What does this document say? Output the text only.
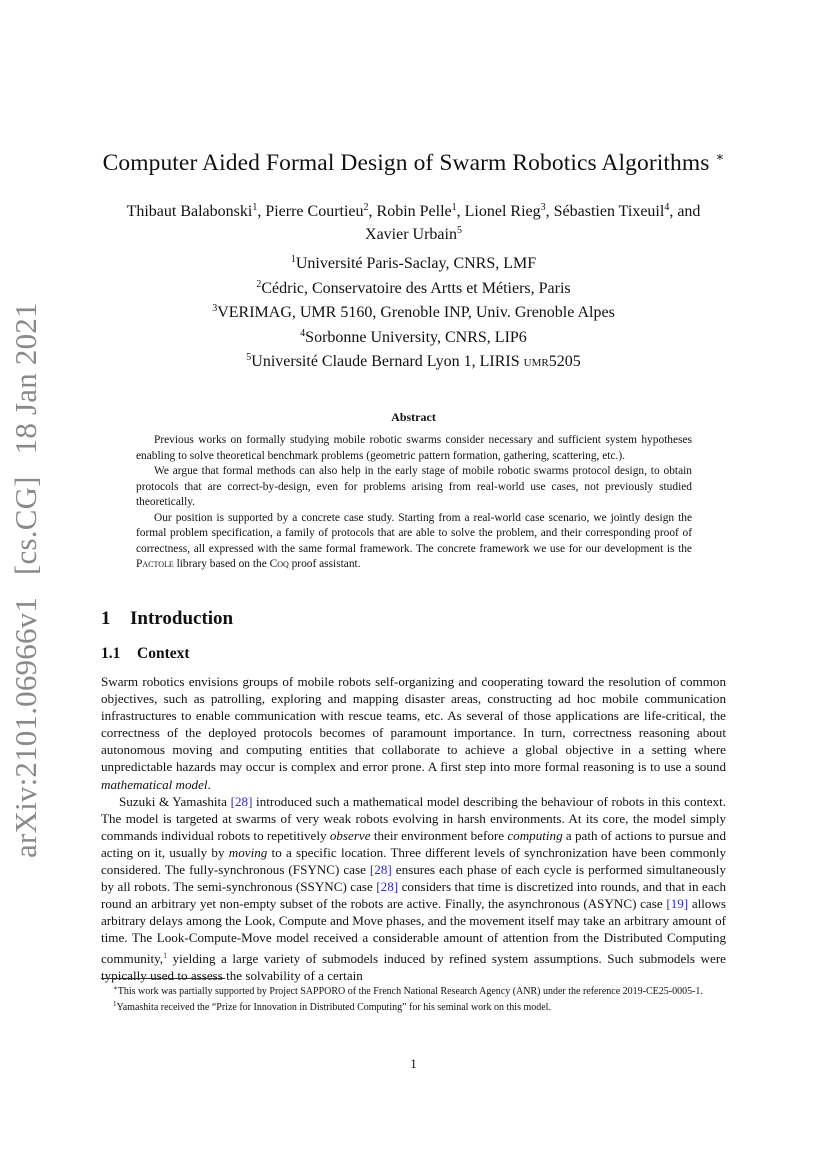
arXiv:2101.06966v1 [cs.CG] 18 Jan 2021
Computer Aided Formal Design of Swarm Robotics Algorithms ∗
Thibaut Balabonski$^1$, Pierre Courtieu$^2$, Robin Pelle$^1$, Lionel Rieg$^3$, Sébastien Tixeuil$^4$, and
Xavier Urbain$^5$
$^1$Université Paris-Saclay, CNRS, LMF
$^2$Cédric, Conservatoire des Artts et Métiers, Paris
$^3$VERIMAG, UMR 5160, Grenoble INP, Univ. Grenoble Alpes
$^4$Sorbonne University, CNRS, LIP6
$^5$Université Claude Bernard Lyon 1, LIRIS umr5205
Abstract

Previous works on formally studying mobile robotic swarms consider necessary and sufficient system hypotheses enabling to solve theoretical benchmark problems (geometric pattern formation, gathering, scattering, etc.).

We argue that formal methods can also help in the early stage of mobile robotic swarms protocol design, to obtain protocols that are correct-by-design, even for problems arising from real-world use cases, not previously studied theoretically.

Our position is supported by a concrete case study. Starting from a real-world case scenario, we jointly design the formal problem specification, a family of protocols that are able to solve the problem, and their corresponding proof of correctness, all expressed with the same formal framework. The concrete framework we use for our development is the Pactole library based on the Coq proof assistant.

1 Introduction
1.1 Context

Swarm robotics envisions groups of mobile robots self-organizing and cooperating toward the resolution of common objectives, such as patrolling, exploring and mapping disaster areas, constructing ad hoc mobile communication infrastructures to enable communication with rescue teams, etc. As several of those applications are life-critical, the correctness of the deployed protocols becomes of paramount importance. In turn, correctness reasoning about autonomous moving and computing entities that collaborate to achieve a global objective in a setting where unpredictable hazards may occur is complex and error prone. A first step into more formal reasoning is to use a sound mathematical model.

Suzuki & Yamashita [28] introduced such a mathematical model describing the behaviour of robots in this context. The model is targeted at swarms of very weak robots evolving in harsh environments. At its core, the model simply commands individual robots to repetitively observe their environment before computing a path of actions to pursue and acting on it, usually by moving to a specific location. Three different levels of synchronization have been commonly considered. The fully-synchronous (FSYNC) case [28] ensures each phase of each cycle is performed simultaneously by all robots. The semi-synchronous (SSYNC) case [28] considers that time is discretized into rounds, and that in each round an arbitrary yet non-empty subset of the robots are active. Finally, the asynchronous (ASYNC) case [19] allows arbitrary delays among the Look, Compute and Move phases, and the movement itself may take an arbitrary amount of time. The Look-Compute-Move model received a considerable amount of attention from the Distributed Computing community,$^1$ yielding a large variety of submodels induced by refined system assumptions. Such submodels were typically used to assess the solvability of a certain

∗This work was partially supported by Project SAPPORO of the French National Research Agency (ANR) under the reference 2019-CE25-0005-1.

$^1$Yamashita received the “Prize for Innovation in Distributed Computing” for his seminal work on this model.

1
